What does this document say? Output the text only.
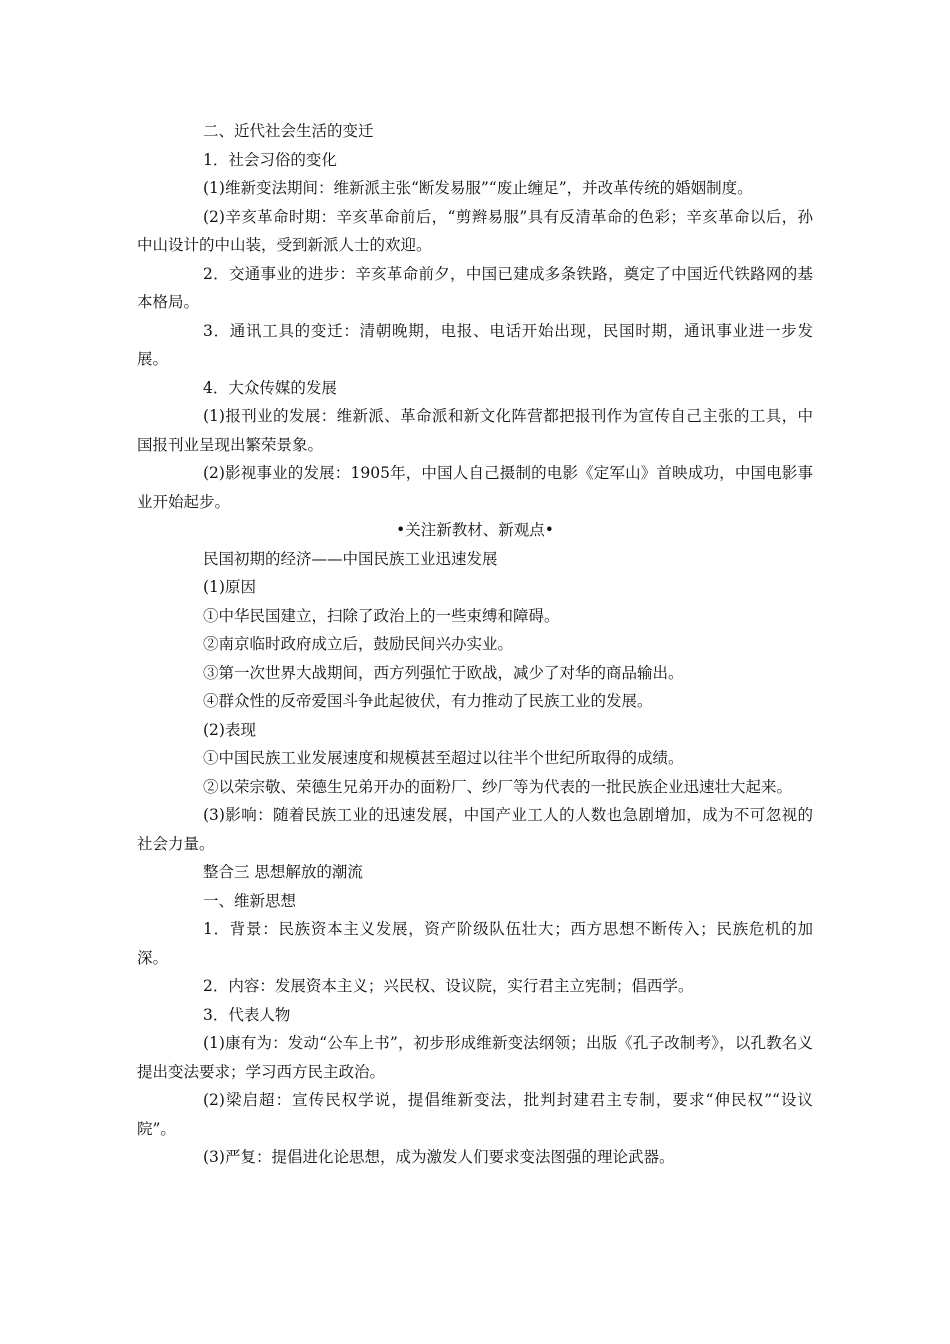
二、近代社会生活的变迁

1．社会习俗的变化

(1)维新变法期间：维新派主张“断发易服”“废止缠足”，并改革传统的婚姻制度。

(2)辛亥革命时期：辛亥革命前后，“剪辫易服”具有反清革命的色彩；辛亥革命以后，孙中山设计的中山装，受到新派人士的欢迎。

2．交通事业的进步：辛亥革命前夕，中国已建成多条铁路，奠定了中国近代铁路网的基本格局。

3．通讯工具的变迁：清朝晚期，电报、电话开始出现，民国时期，通讯事业进一步发展。

4．大众传媒的发展

(1)报刊业的发展：维新派、革命派和新文化阵营都把报刊作为宣传自己主张的工具，中国报刊业呈现出繁荣景象。

(2)影视事业的发展：1905年，中国人自己摄制的电影《定军山》首映成功，中国电影事业开始起步。

•关注新教材、新观点•

民国初期的经济——中国民族工业迅速发展

(1)原因

①中华民国建立，扫除了政治上的一些束缚和障碍。

②南京临时政府成立后，鼓励民间兴办实业。

③第一次世界大战期间，西方列强忙于欧战，减少了对华的商品输出。

④群众性的反帝爱国斗争此起彼伏，有力推动了民族工业的发展。

(2)表现

①中国民族工业发展速度和规模甚至超过以往半个世纪所取得的成绩。

②以荣宗敬、荣德生兄弟开办的面粉厂、纱厂等为代表的一批民族企业迅速壮大起来。

(3)影响：随着民族工业的迅速发展，中国产业工人的人数也急剧增加，成为不可忽视的社会力量。

整合三 思想解放的潮流

一、维新思想

1．背景：民族资本主义发展，资产阶级队伍壮大；西方思想不断传入；民族危机的加深。

2．内容：发展资本主义；兴民权、设议院，实行君主立宪制；倡西学。

3．代表人物

(1)康有为：发动“公车上书”，初步形成维新变法纲领；出版《孔子改制考》，以孔教名义提出变法要求；学习西方民主政治。

(2)梁启超：宣传民权学说，提倡维新变法，批判封建君主专制，要求“伸民权”“设议院”。

(3)严复：提倡进化论思想，成为激发人们要求变法图强的理论武器。
